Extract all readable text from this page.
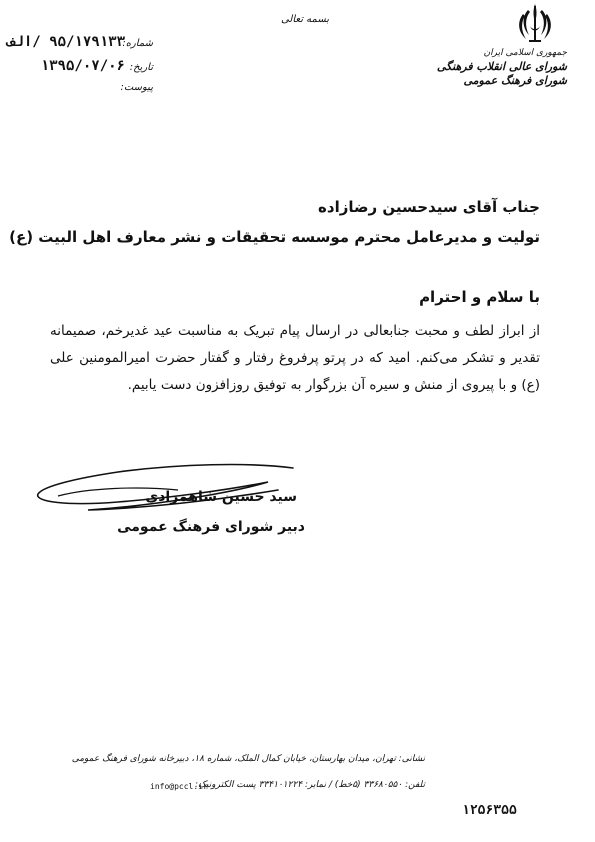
بسمه تعالی
جمهوری اسلامی ایران
شورای عالی انقلاب فرهنگی
شورای فرهنگ عمومی
شماره:
۹۵/۱۷۹۱۳۳ /الف
تاریخ:
۱۳۹۵/۰۷/۰۶
پیوست:
جناب آقای سیدحسین رضازاده
تولیت و مدیرعامل محترم موسسه تحقیقات و نشر معارف اهل البیت (ع)
با سلام و احترام
از ابراز لطف و محبت جنابعالی در ارسال پیام تبریک به مناسبت عید غدیرخم، صمیمانه تقدیر و تشکر می‌کنم. امید که در پرتو پرفروغ رفتار و گفتار حضرت امیرالمومنین علی (ع) و با پیروی از منش و سیره آن بزرگوار به توفیق روزافزون دست یابیم.
سید حسین شاهمرادی
دبیر شورای فرهنگ عمومی
نشانی: تهران، میدان بهارستان، خیابان کمال الملک، شماره ۱۸، دبیرخانه شورای فرهنگ عمومی
تلفن: ۳۳۶۸۰۵۵۰ (۵خط) / نمابر: ۳۳۴۱۰۱۲۲۴ پست الکترونیک:
info@pccl.ir
۱۲۵۶۳۵۵
